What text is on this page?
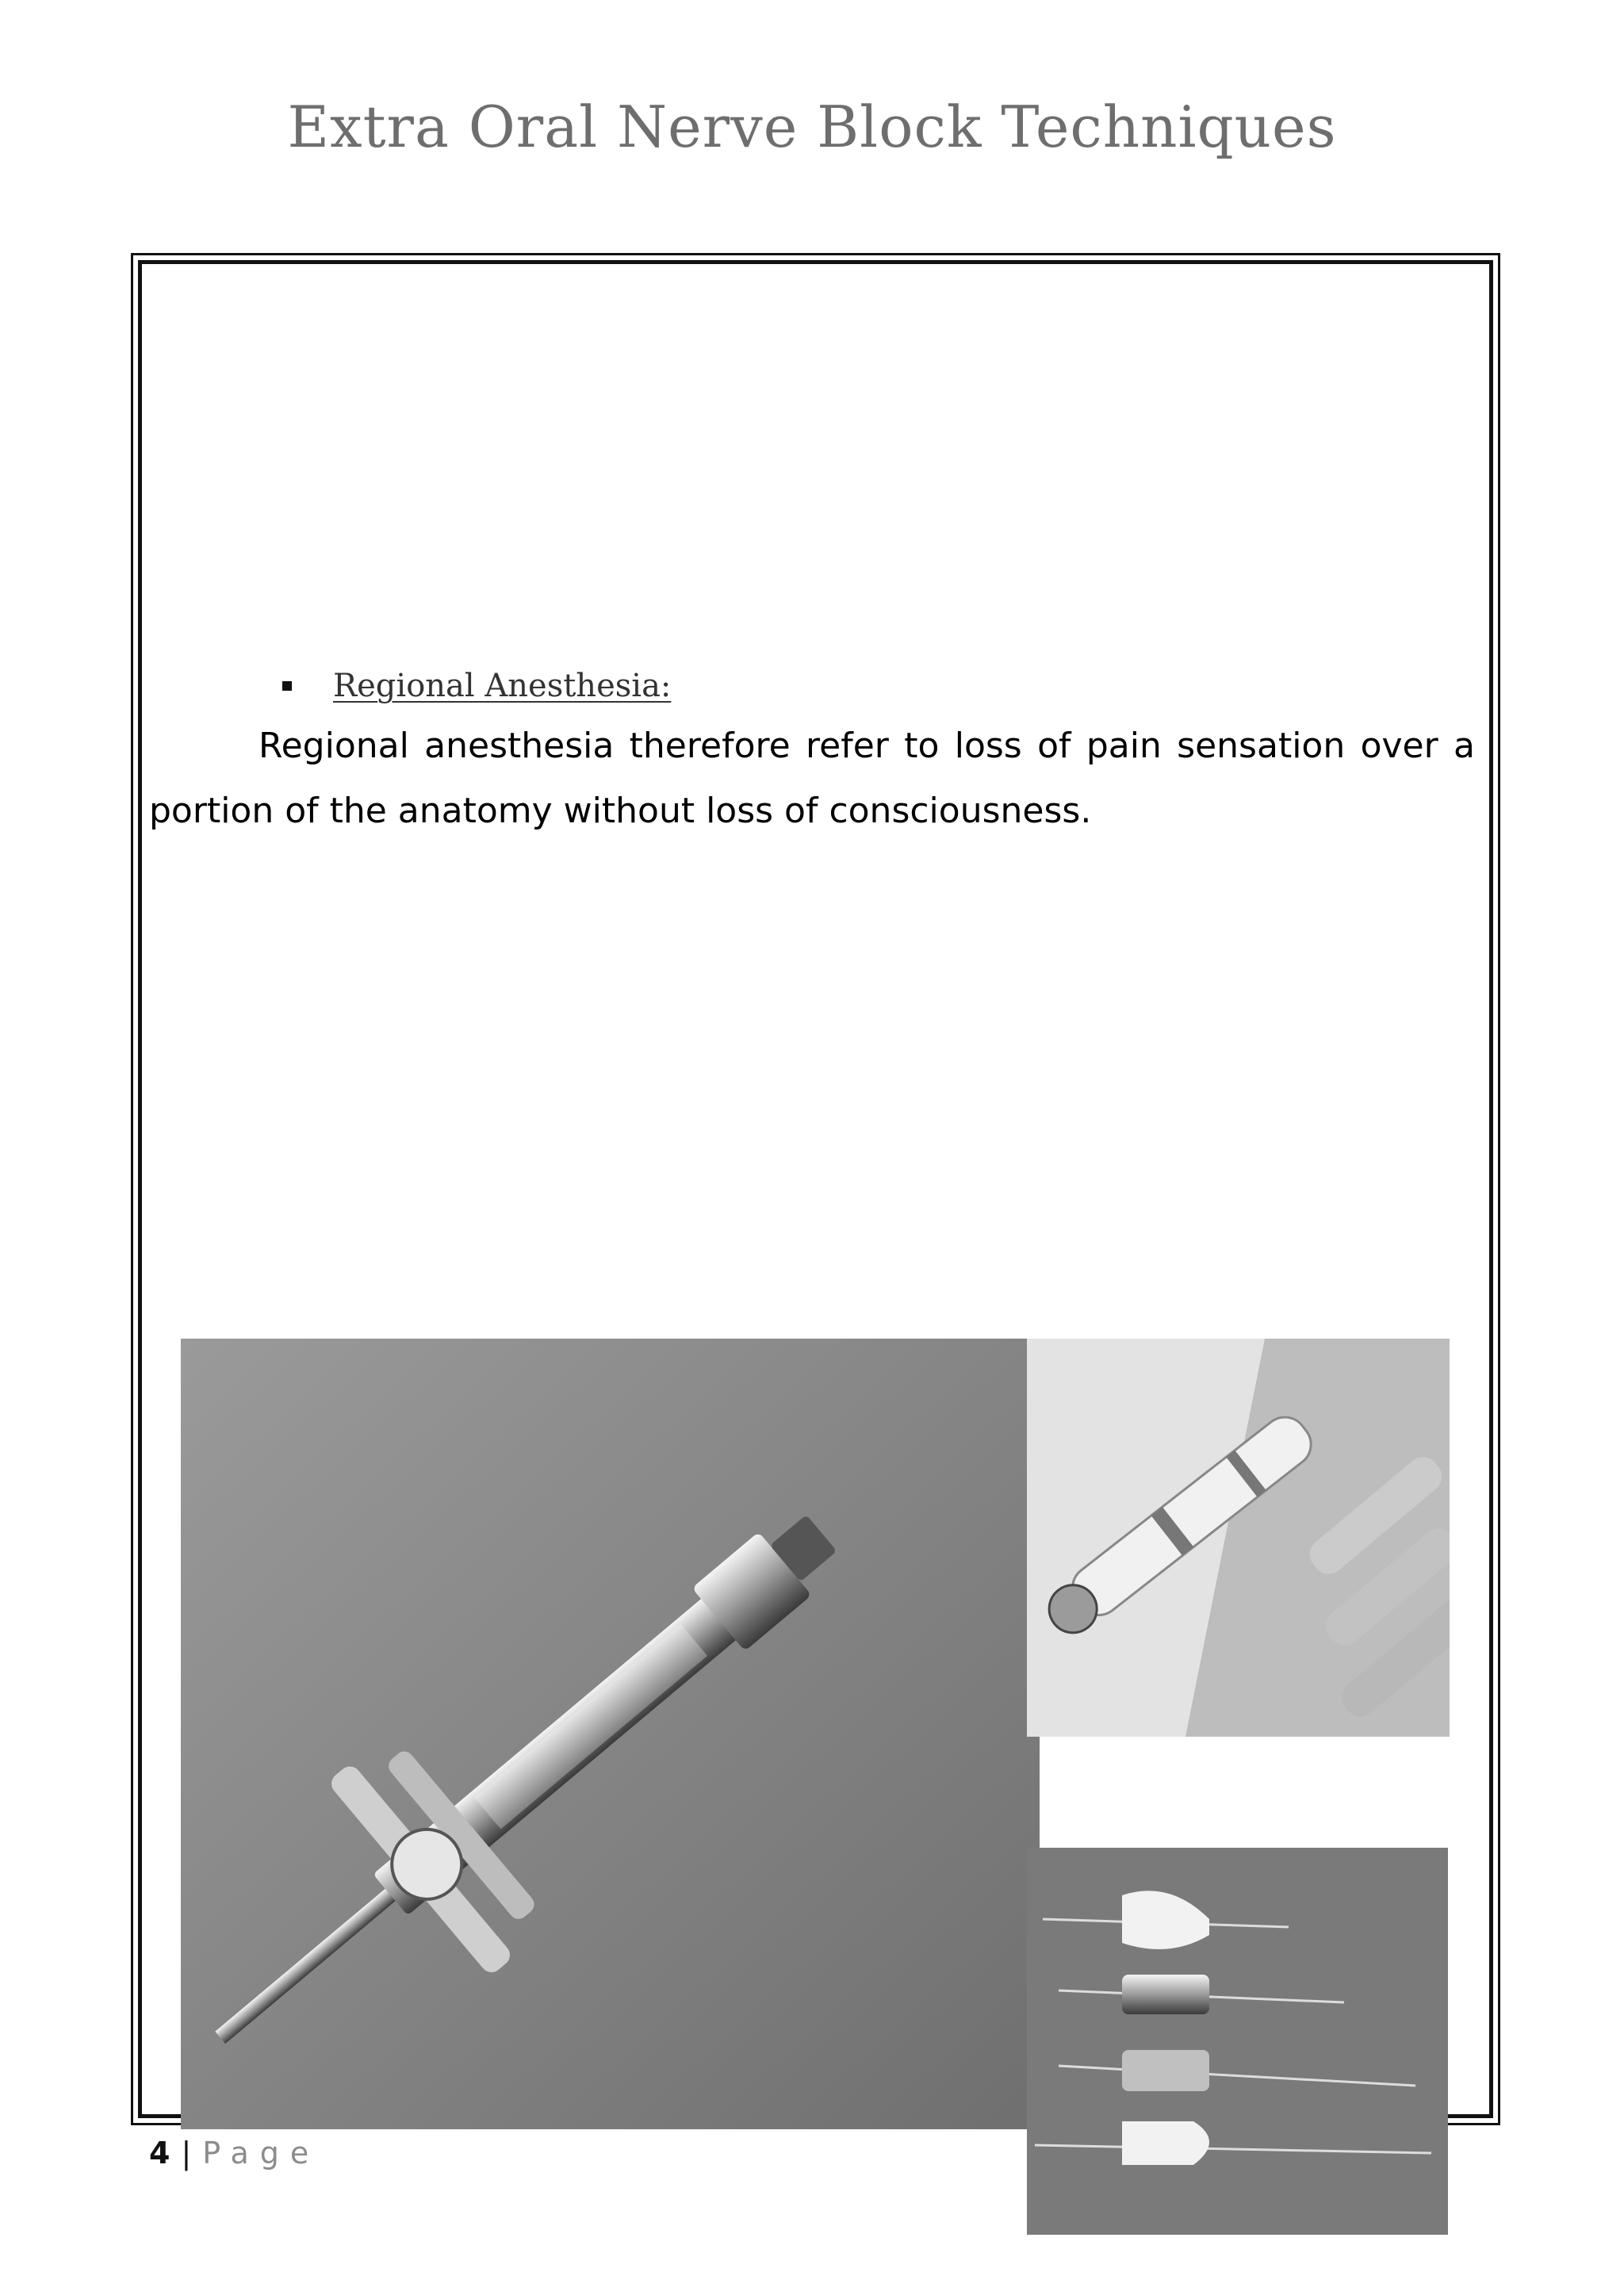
Extra Oral Nerve Block Techniques
Regional Anesthesia:

Regional anesthesia therefore refer to loss of pain sensation over a portion of the anatomy without loss of consciousness.

4 | Page
